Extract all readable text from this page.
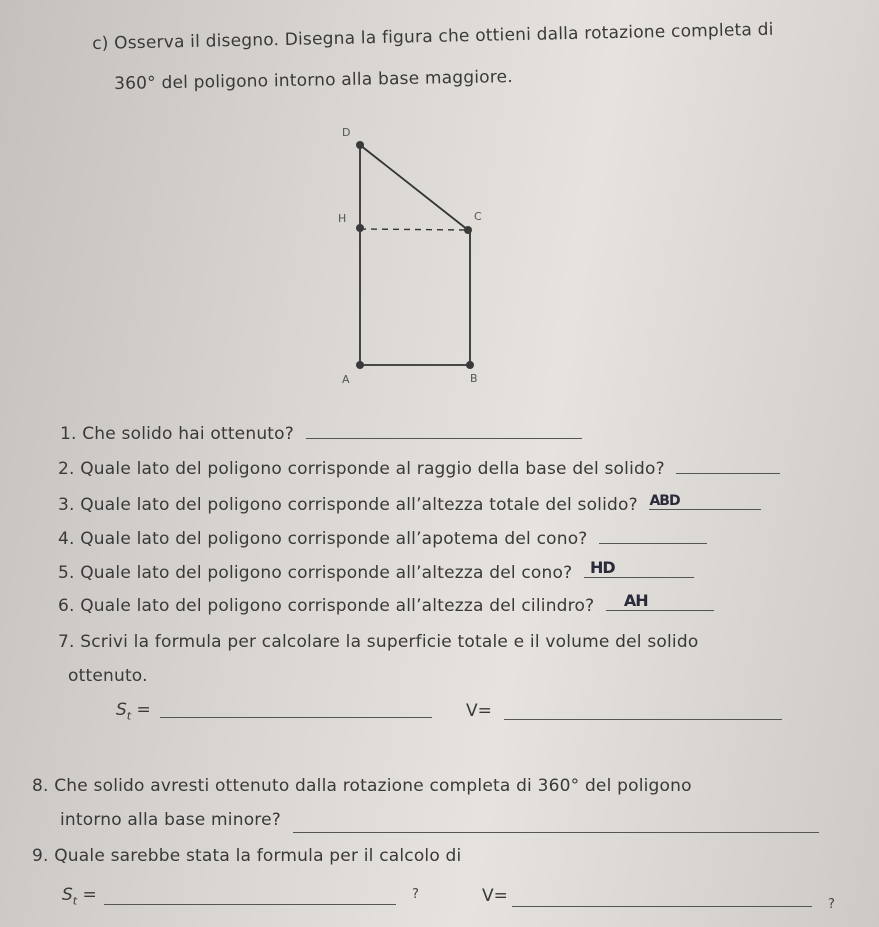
c) Osserva il disegno. Disegna la figura che ottieni dalla rotazione completa di
360° del poligono intorno alla base maggiore.
D
H	C
A	B
1. Che solido hai ottenuto?
2. Quale lato del poligono corrisponde al raggio della base del solido?
3. Quale lato del poligono corrisponde all’altezza totale del solido? ABD
4. Quale lato del poligono corrisponde all’apotema del cono?
5. Quale lato del poligono corrisponde all’altezza del cono? HD
6. Quale lato del poligono corrisponde all’altezza del cilindro? AH
7. Scrivi la formula per calcolare la superficie totale e il volume del solido
ottenuto.
$S_t$ =	V=
8. Che solido avresti ottenuto dalla rotazione completa di 360° del poligono
intorno alla base minore?
9. Quale sarebbe stata la formula per il calcolo di
$S_t$ =	?	V=	?
